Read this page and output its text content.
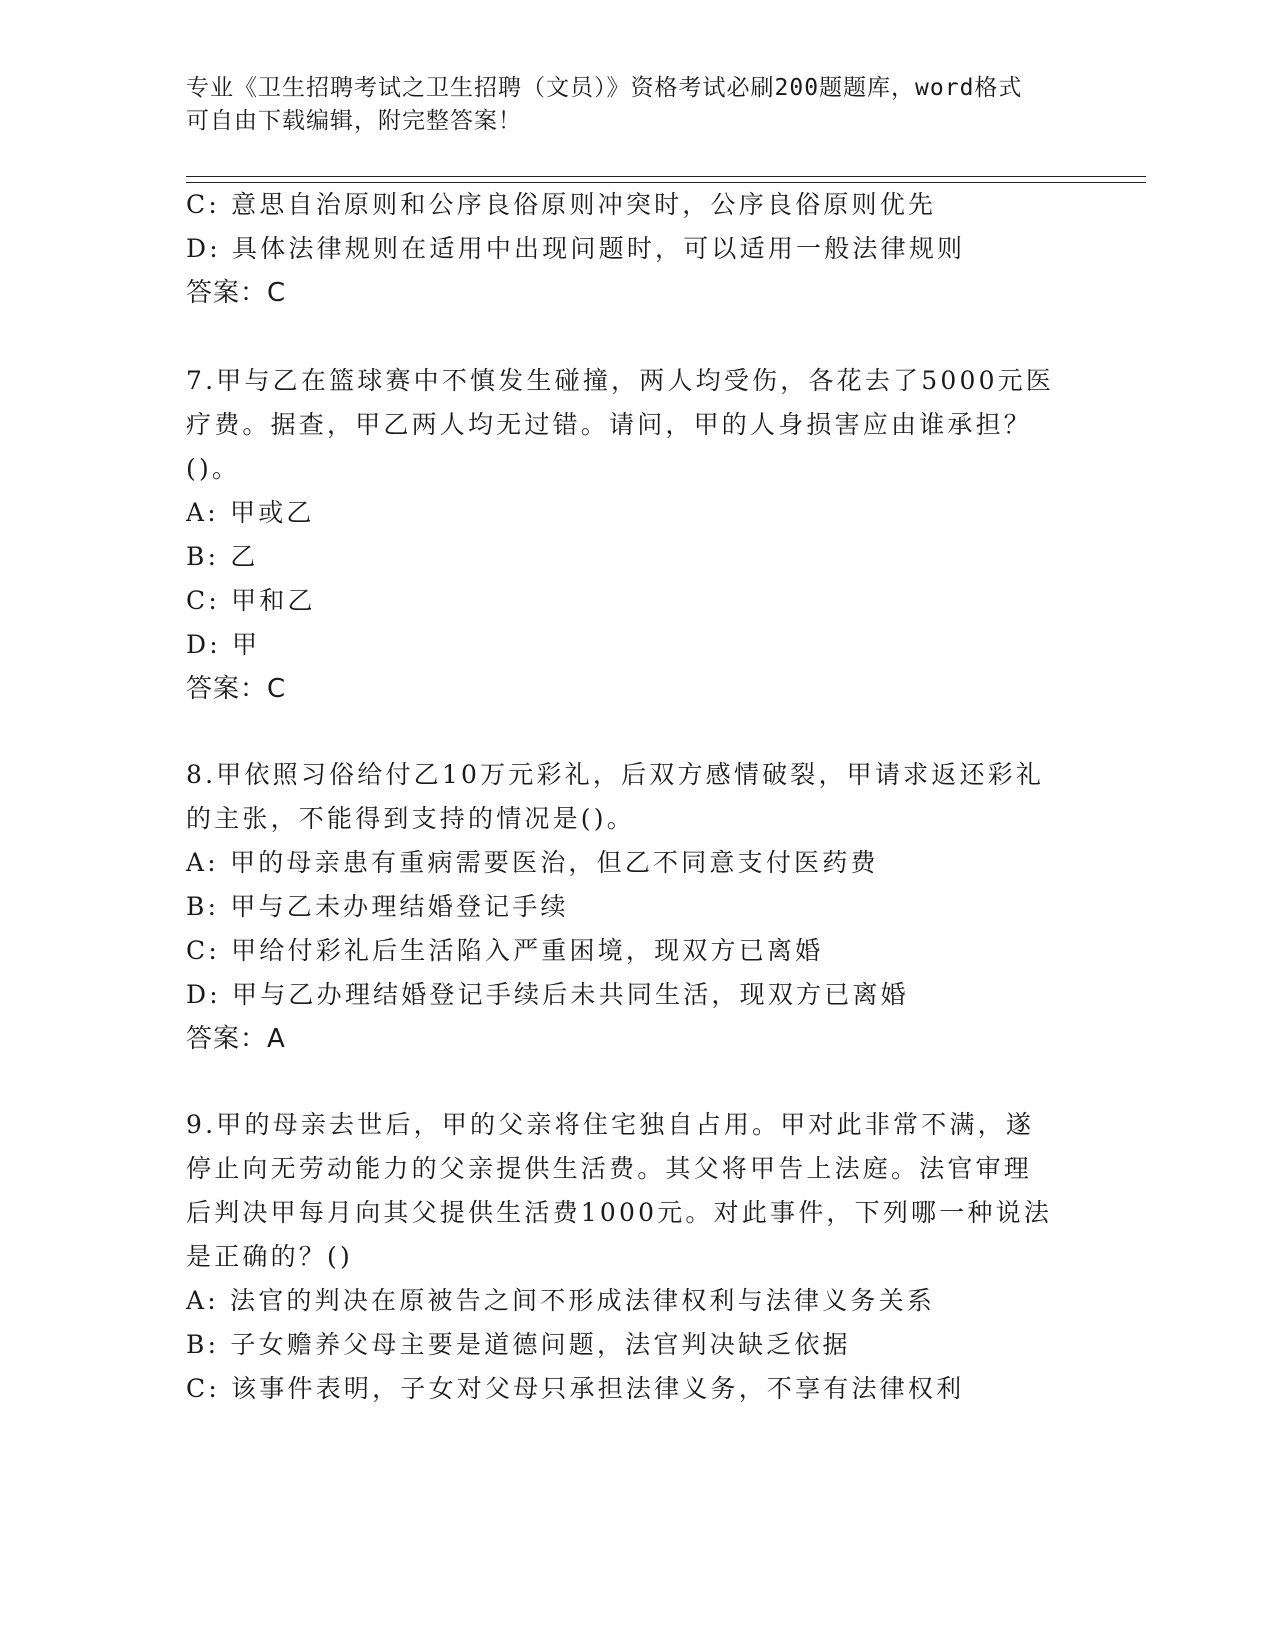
专业《卫生招聘考试之卫生招聘（文员）》资格考试必刷200题题库，word格式
可自由下载编辑，附完整答案！
C: 意思自治原则和公序良俗原则冲突时，公序良俗原则优先
D: 具体法律规则在适用中出现问题时，可以适用一般法律规则
答案：C
7.甲与乙在篮球赛中不慎发生碰撞，两人均受伤，各花去了5000元医
疗费。据查，甲乙两人均无过错。请问，甲的人身损害应由谁承担？
()。
A: 甲或乙
B: 乙
C: 甲和乙
D: 甲
答案：C
8.甲依照习俗给付乙10万元彩礼，后双方感情破裂，甲请求返还彩礼
的主张，不能得到支持的情况是()。
A: 甲的母亲患有重病需要医治，但乙不同意支付医药费
B: 甲与乙未办理结婚登记手续
C: 甲给付彩礼后生活陷入严重困境，现双方已离婚
D: 甲与乙办理结婚登记手续后未共同生活，现双方已离婚
答案：A
9.甲的母亲去世后，甲的父亲将住宅独自占用。甲对此非常不满，遂
停止向无劳动能力的父亲提供生活费。其父将甲告上法庭。法官审理
后判决甲每月向其父提供生活费1000元。对此事件，下列哪一种说法
是正确的？()
A: 法官的判决在原被告之间不形成法律权利与法律义务关系
B: 子女赡养父母主要是道德问题，法官判决缺乏依据
C: 该事件表明，子女对父母只承担法律义务，不享有法律权利
